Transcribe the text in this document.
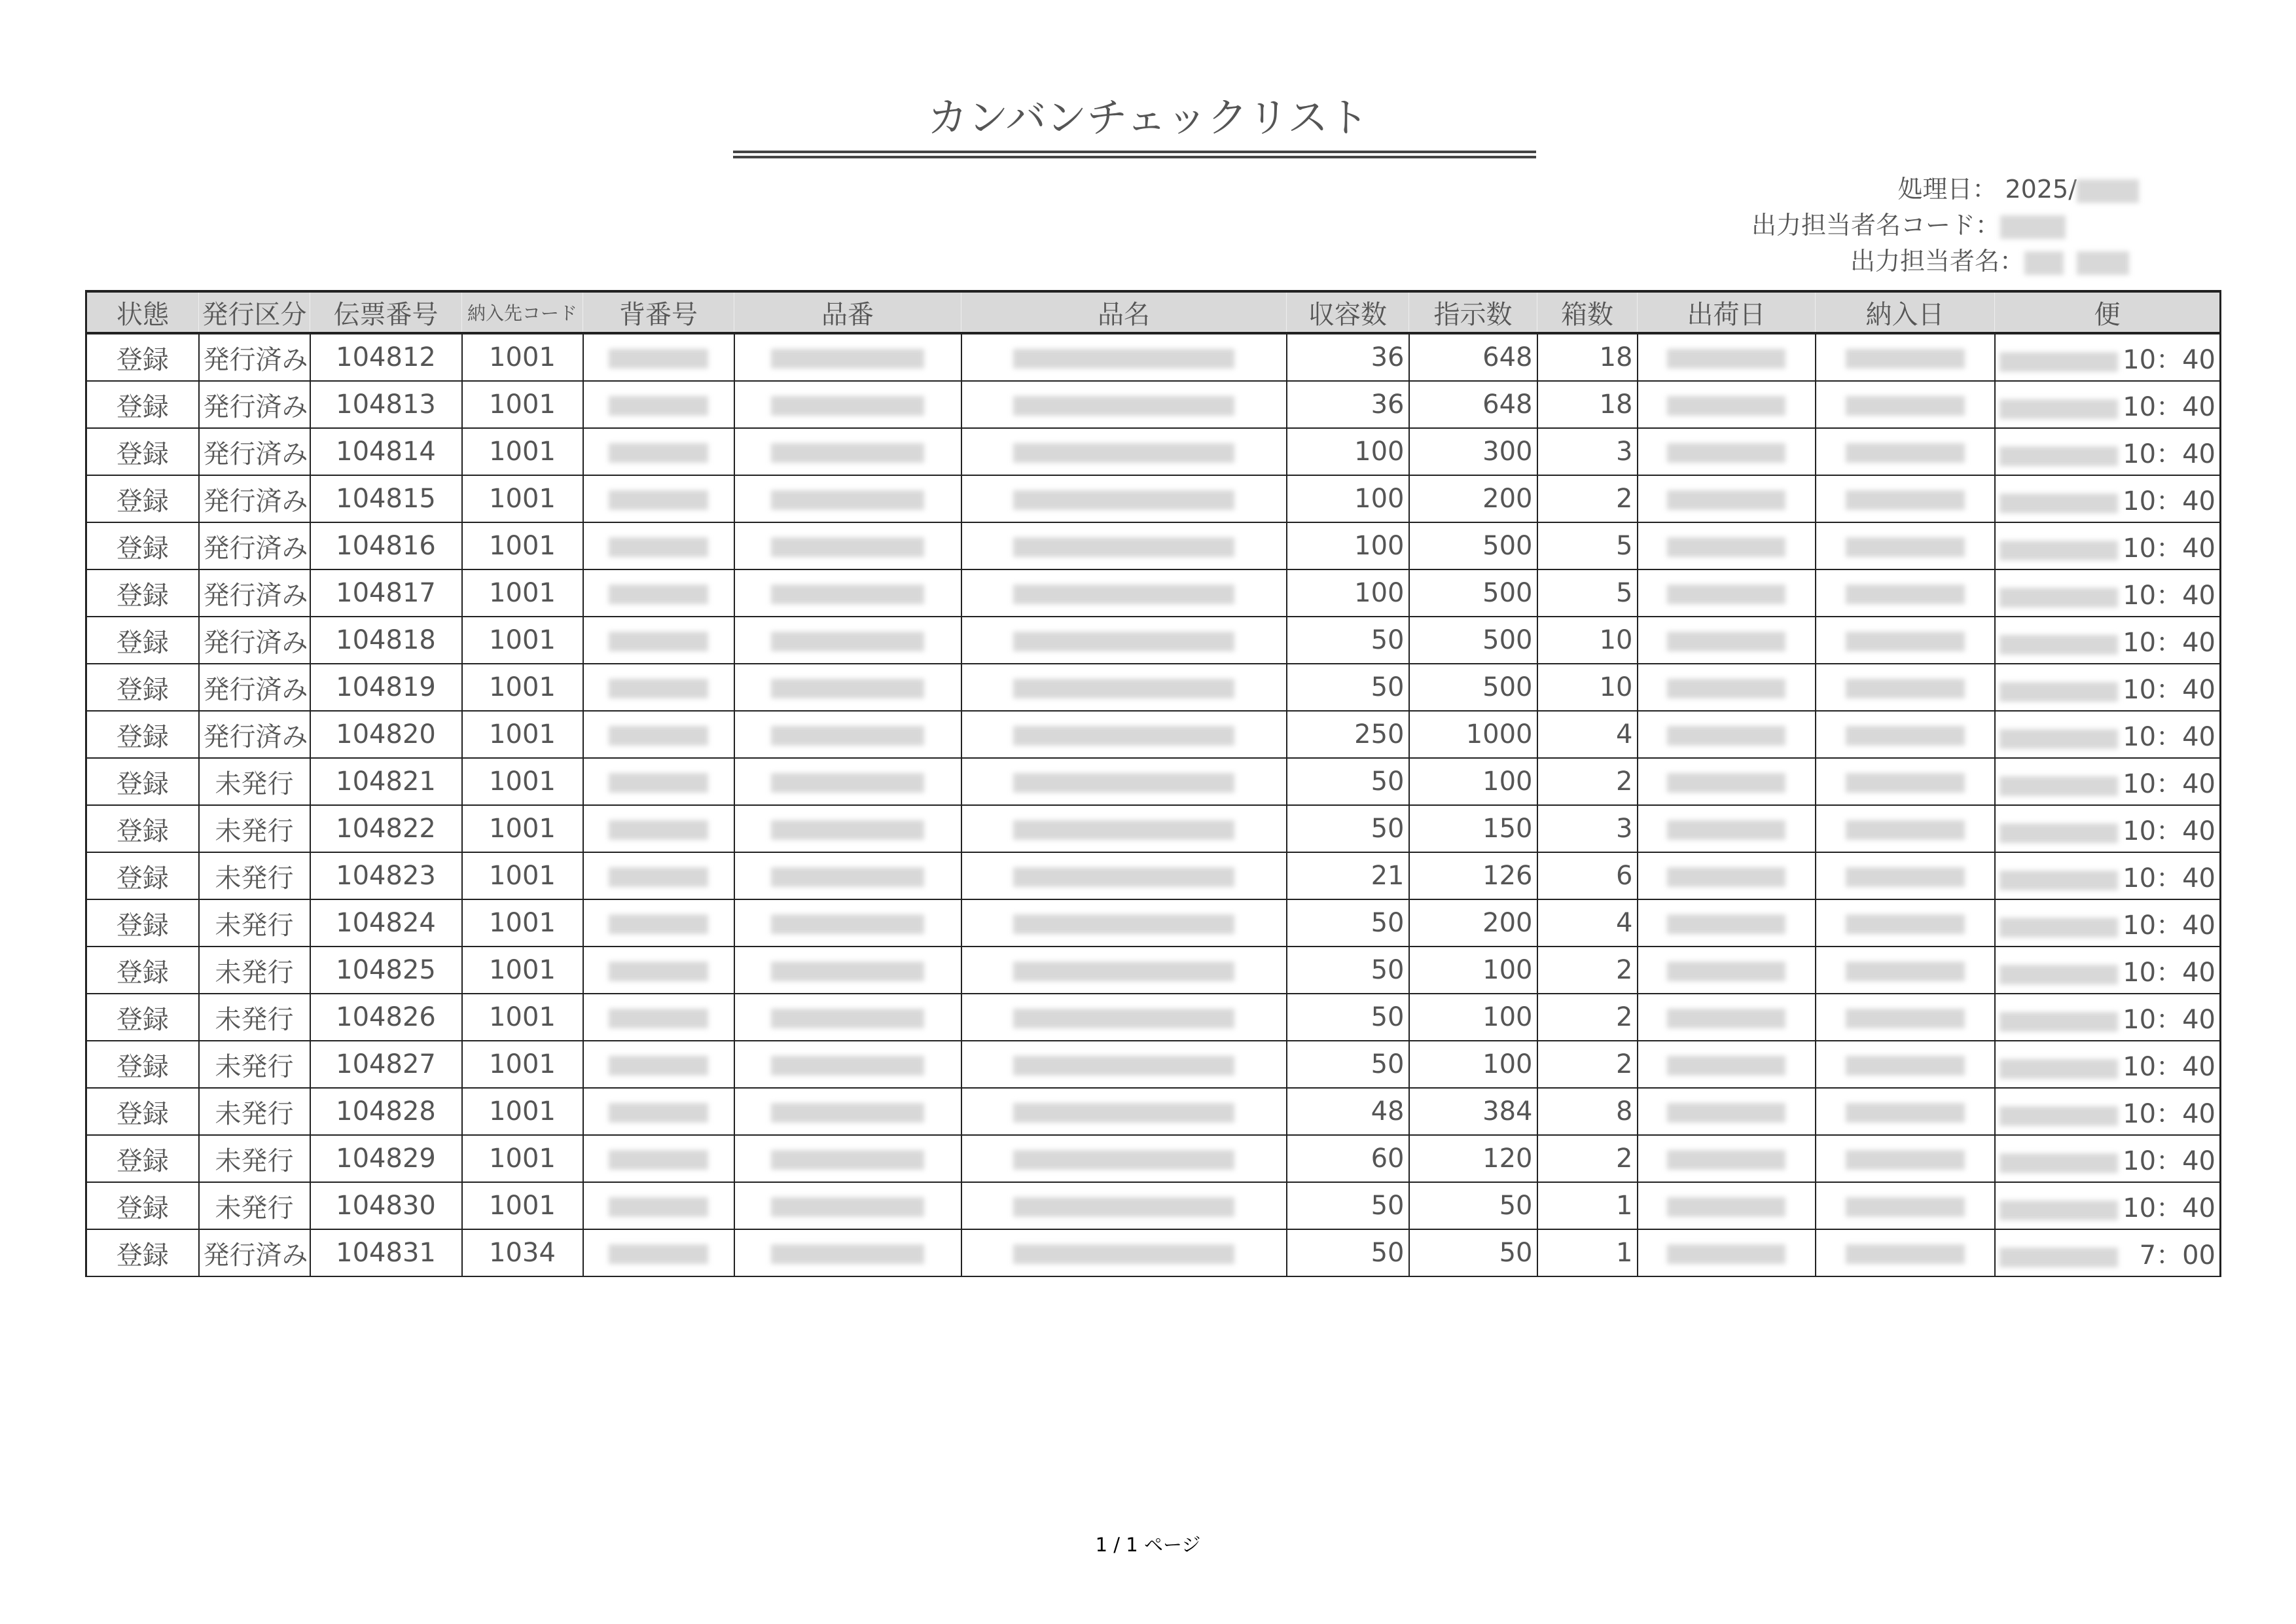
カンバンチェックリスト
処理日： 2025/
出力担当者名コード：
出力担当者名：
状態	発行区分	伝票番号	納入先コード	背番号	品番	品名	収容数	指示数	箱数	出荷日	納入日	便
登録	発行済み	104812	1001				36	648	18			10：40
登録	発行済み	104813	1001				36	648	18			10：40
登録	発行済み	104814	1001				100	300	3			10：40
登録	発行済み	104815	1001				100	200	2			10：40
登録	発行済み	104816	1001				100	500	5			10：40
登録	発行済み	104817	1001				100	500	5			10：40
登録	発行済み	104818	1001				50	500	10			10：40
登録	発行済み	104819	1001				50	500	10			10：40
登録	発行済み	104820	1001				250	1000	4			10：40
登録	未発行	104821	1001				50	100	2			10：40
登録	未発行	104822	1001				50	150	3			10：40
登録	未発行	104823	1001				21	126	6			10：40
登録	未発行	104824	1001				50	200	4			10：40
登録	未発行	104825	1001				50	100	2			10：40
登録	未発行	104826	1001				50	100	2			10：40
登録	未発行	104827	1001				50	100	2			10：40
登録	未発行	104828	1001				48	384	8			10：40
登録	未発行	104829	1001				60	120	2			10：40
登録	未発行	104830	1001				50	50	1			10：40
登録	発行済み	104831	1034				50	50	1			7：00
1 / 1 ページ
